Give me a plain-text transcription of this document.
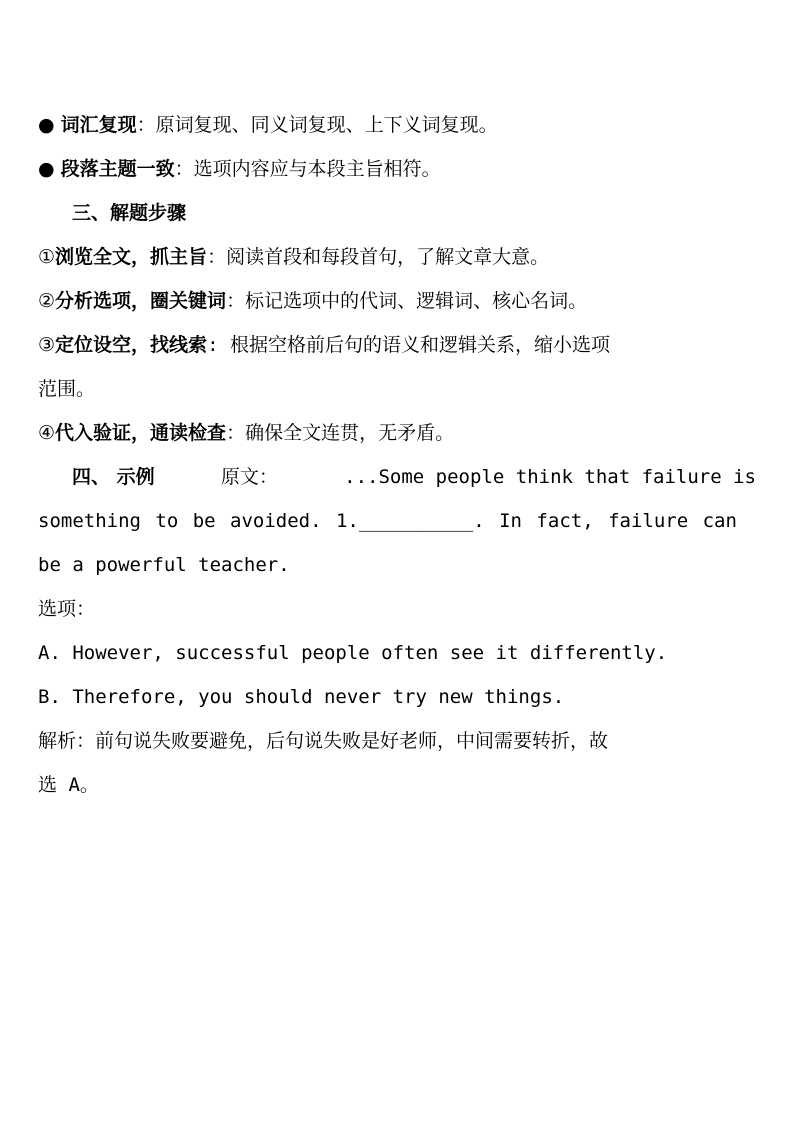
● 词汇复现：原词复现、同义词复现、上下义词复现。
● 段落主题一致：选项内容应与本段主旨相符。
三、解题步骤
①浏览全文，抓主旨：阅读首段和每段首句，了解文章大意。
②分析选项，圈关键词：标记选项中的代词、逻辑词、核心名词。
③定位设空，找线索: 根据空格前后句的语义和逻辑关系，缩小选项
范围。
④代入验证，通读检查：确保全文连贯，无矛盾。
四、 示例	原文：	...Some people think that failure is
something to be avoided. 1.__________. In fact, failure can
be a powerful teacher.
选项：
A. However, successful people often see it differently.
B. Therefore, you should never try new things.
解析：前句说失败要避免，后句说失败是好老师，中间需要转折，故
选 A。
